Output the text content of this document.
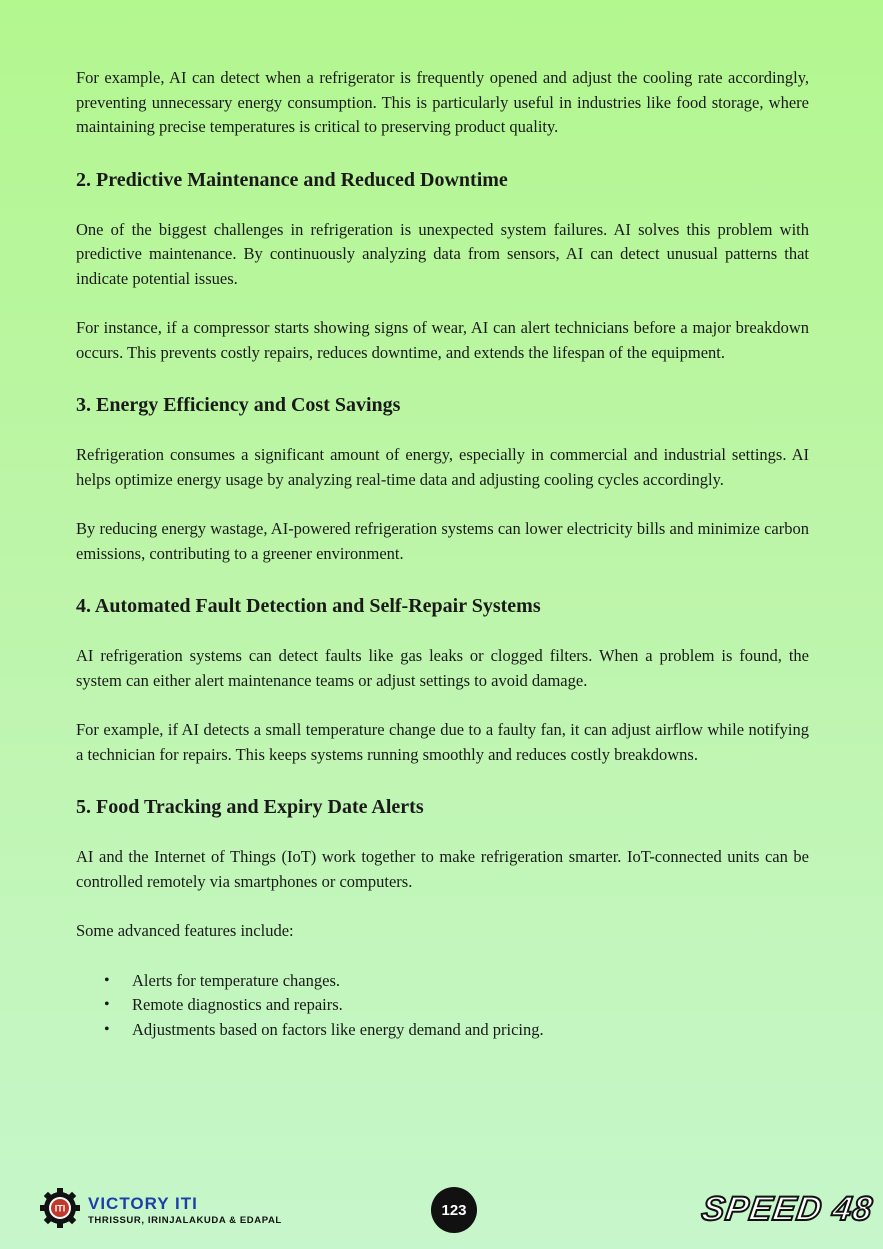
For example, AI can detect when a refrigerator is frequently opened and adjust the cooling rate accordingly, preventing unnecessary energy consumption. This is particularly useful in industries like food storage, where maintaining precise temperatures is critical to preserving product quality.

2. Predictive Maintenance and Reduced Downtime

One of the biggest challenges in refrigeration is unexpected system failures. AI solves this problem with predictive maintenance. By continuously analyzing data from sensors, AI can detect unusual patterns that indicate potential issues.

For instance, if a compressor starts showing signs of wear, AI can alert technicians before a major breakdown occurs. This prevents costly repairs, reduces downtime, and extends the lifespan of the equipment.

3. Energy Efficiency and Cost Savings

Refrigeration consumes a significant amount of energy, especially in commercial and industrial settings. AI helps optimize energy usage by analyzing real-time data and adjusting cooling cycles accordingly.

By reducing energy wastage, AI-powered refrigeration systems can lower electricity bills and minimize carbon emissions, contributing to a greener environment.

4. Automated Fault Detection and Self-Repair Systems

AI refrigeration systems can detect faults like gas leaks or clogged filters. When a problem is found, the system can either alert maintenance teams or adjust settings to avoid damage.

For example, if AI detects a small temperature change due to a faulty fan, it can adjust airflow while notifying a technician for repairs. This keeps systems running smoothly and reduces costly breakdowns.

5. Food Tracking and Expiry Date Alerts

AI and the Internet of Things (IoT) work together to make refrigeration smarter. IoT-connected units can be controlled remotely via smartphones or computers.

Some advanced features include:

• Alerts for temperature changes.
• Remote diagnostics and repairs.
• Adjustments based on factors like energy demand and pricing.
ITI VICTORY ITI
THRISSUR, IRINJALAKUDA & EDAPAL
123	SPEED 48
